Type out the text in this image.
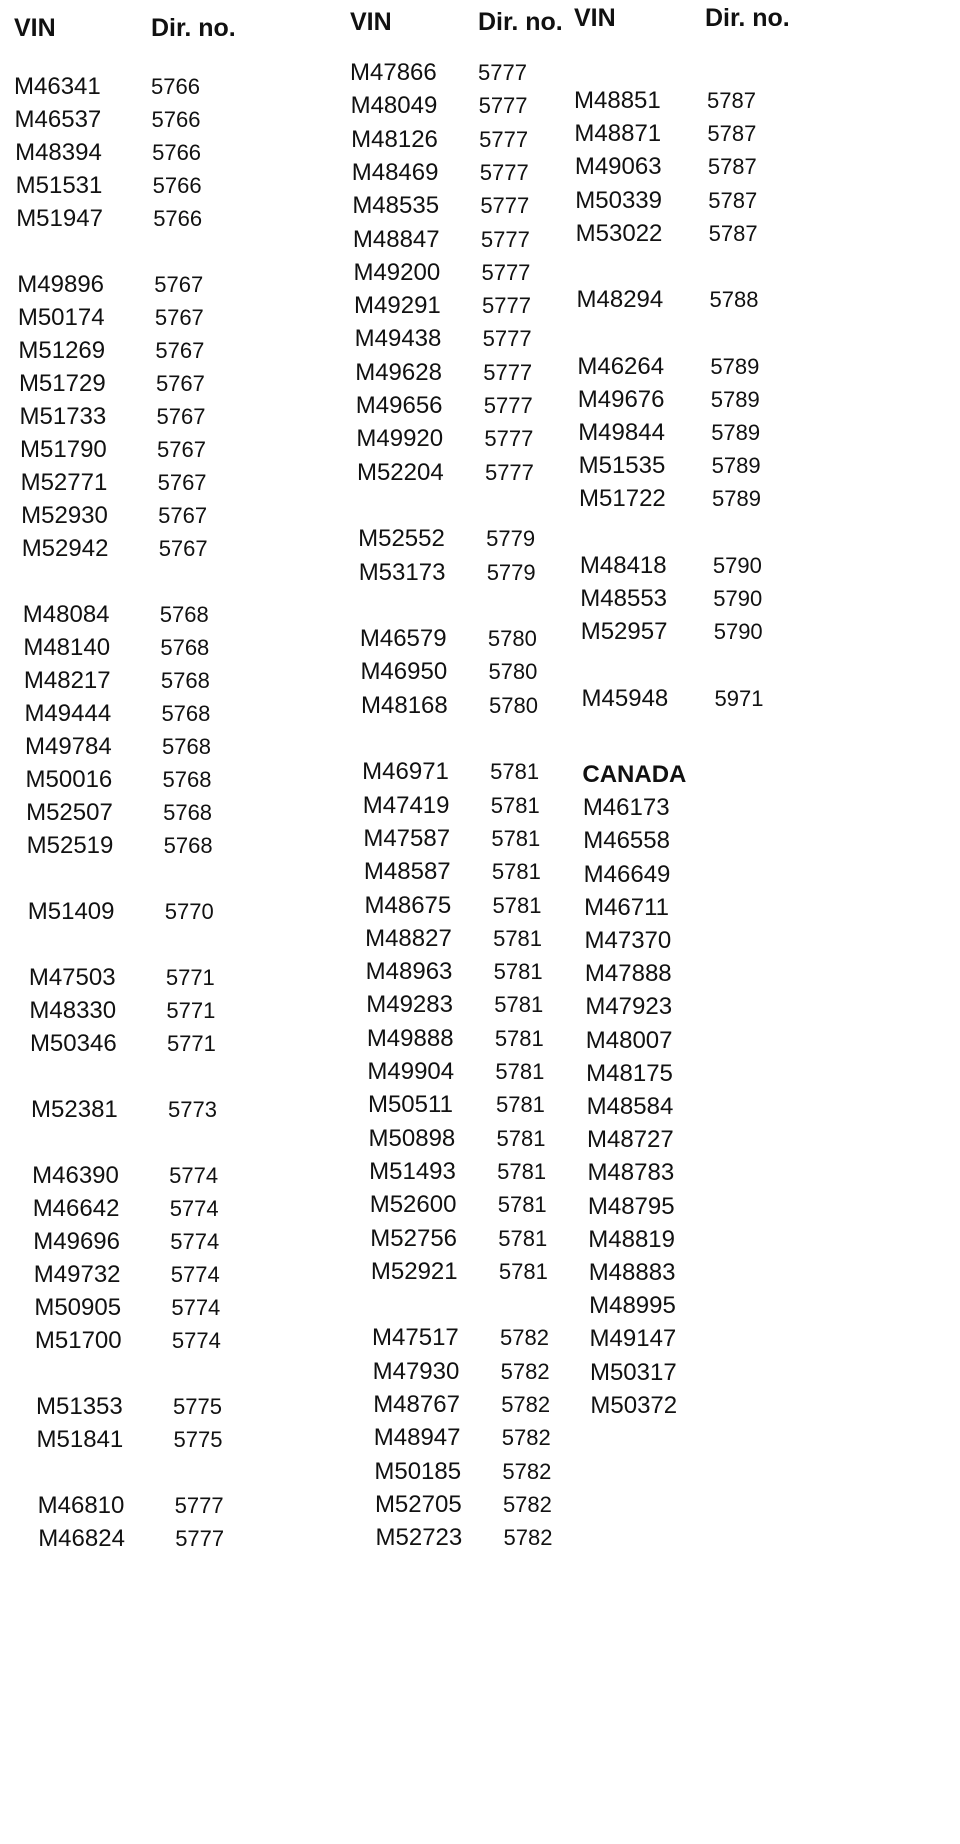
VIN	Dir. no.
M46341 5766
M46537 5766
M48394 5766
M51531 5766
M51947 5766
M49896 5767
M50174 5767
M51269 5767
M51729 5767
M51733 5767
M51790 5767
M52771 5767
M52930 5767
M52942 5767
M48084 5768
M48140 5768
M48217 5768
M49444 5768
M49784 5768
M50016 5768
M52507 5768
M52519 5768
M51409 5770
M47503 5771
M48330 5771
M50346 5771
M52381 5773
M46390 5774
M46642 5774
M49696 5774
M49732 5774
M50905 5774
M51700 5774
M51353 5775
M51841 5775
M46810 5777
M46824 5777
VIN	Dir. no.
M47866 5777
M48049 5777
M48126 5777
M48469 5777
M48535 5777
M48847 5777
M49200 5777
M49291 5777
M49438 5777
M49628 5777
M49656 5777
M49920 5777
M52204 5777
M52552 5779
M53173 5779
M46579 5780
M46950 5780
M48168 5780
M46971 5781
M47419 5781
M47587 5781
M48587 5781
M48675 5781
M48827 5781
M48963 5781
M49283 5781
M49888 5781
M49904 5781
M50511 5781
M50898 5781
M51493 5781
M52600 5781
M52756 5781
M52921 5781
M47517 5782
M47930 5782
M48767 5782
M48947 5782
M50185 5782
M52705 5782
M52723 5782
VIN	Dir. no.
M48851 5787
M48871 5787
M49063 5787
M50339 5787
M53022 5787
M48294 5788
M46264 5789
M49676 5789
M49844 5789
M51535 5789
M51722 5789
M48418 5790
M48553 5790
M52957 5790
M45948 5971
CANADA
M46173
M46558
M46649
M46711
M47370
M47888
M47923
M48007
M48175
M48584
M48727
M48783
M48795
M48819
M48883
M48995
M49147
M50317
M50372
